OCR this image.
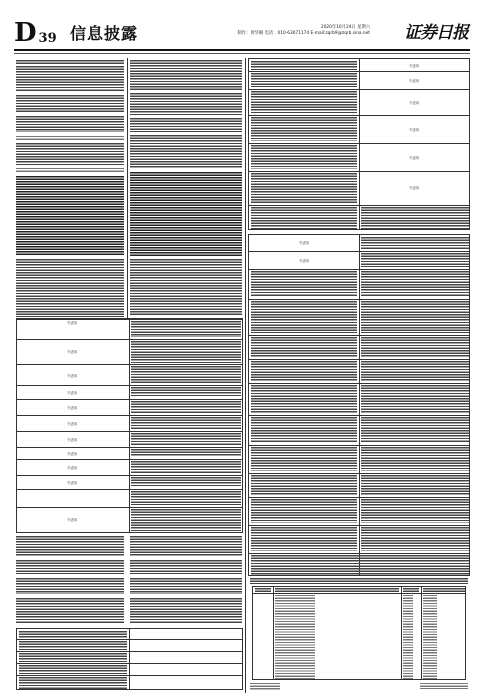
D 39 信息披露	2020年10月24日 星期六
制作：黄华楠 电话：010-63071174 E-mail:zqrb9@zqrb.sina.net 证券日报
不适用
不适用
不适用
不适用
不适用
不适用
不适用
不适用
不适用
不适用
不适用
不适用
不适用
不适用
不适用
不适用
不适用
不适用
不适用
